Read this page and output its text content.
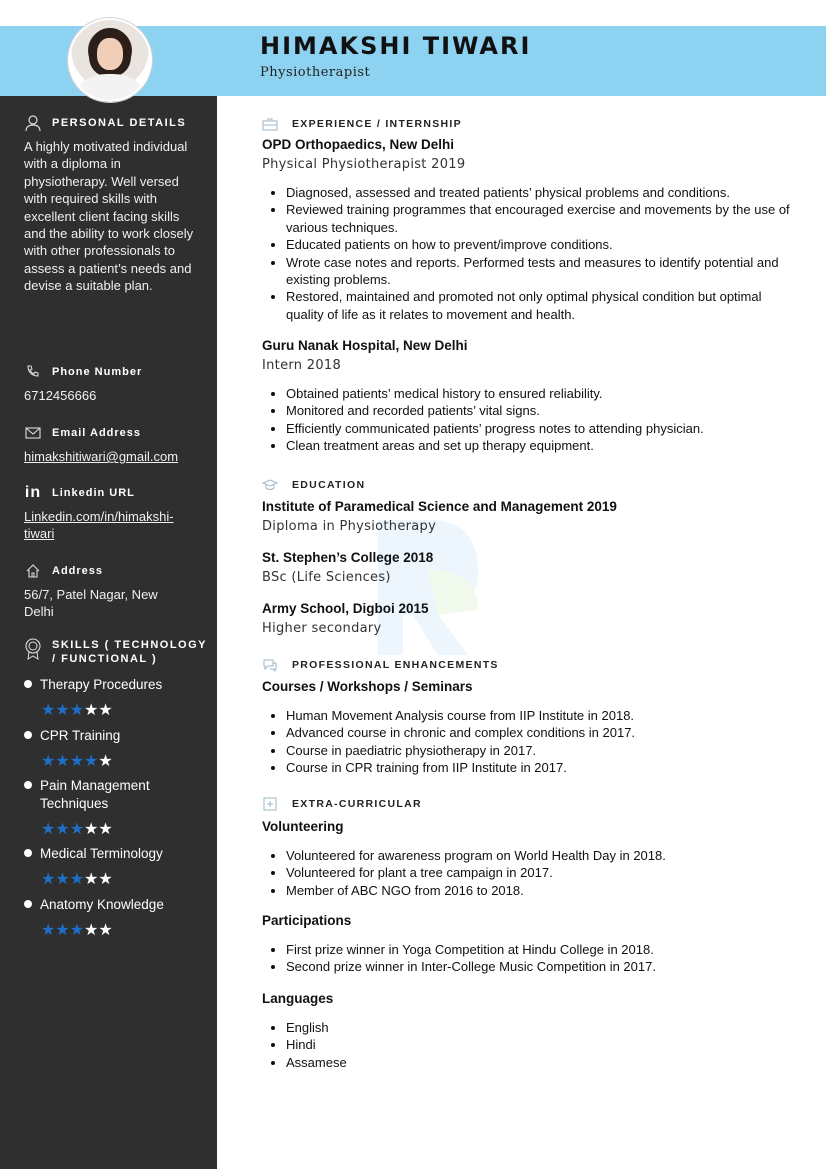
HIMAKSHI TIWARI
Physiotherapist
PERSONAL DETAILS
A highly motivated individual with a diploma in physiotherapy. Well versed with required skills with excellent client facing skills and the ability to work closely with other professionals to assess a patient’s needs and devise a suitable plan.
Phone Number
6712456666
Email Address
himakshitiwari@gmail.com
in Linkedin URL
Linkedin.com/in/himakshi-tiwari
Address
56/7, Patel Nagar, New Delhi
SKILLS ( TECHNOLOGY
/ FUNCTIONAL )
Therapy Procedures
★★★★★
CPR Training
★★★★★
Pain Management Techniques
★★★★★
Medical Terminology
★★★★★
Anatomy Knowledge
★★★★★
EXPERIENCE / INTERNSHIP
OPD Orthopaedics, New Delhi
Physical Physiotherapist 2019
• Diagnosed, assessed and treated patients’ physical problems and conditions.
• Reviewed training programmes that encouraged exercise and movements by the use of various techniques.
• Educated patients on how to prevent/improve conditions.
• Wrote case notes and reports. Performed tests and measures to identify potential and existing problems.
• Restored, maintained and promoted not only optimal physical condition but optimal quality of life as it relates to movement and health.
Guru Nanak Hospital, New Delhi
Intern 2018
• Obtained patients’ medical history to ensured reliability.
• Monitored and recorded patients’ vital signs.
• Efficiently communicated patients’ progress notes to attending physician.
• Clean treatment areas and set up therapy equipment.
EDUCATION
Institute of Paramedical Science and Management 2019
Diploma in Physiotherapy
St. Stephen’s College 2018
BSc (Life Sciences)
Army School, Digboi 2015
Higher secondary
PROFESSIONAL ENHANCEMENTS
Courses / Workshops / Seminars
• Human Movement Analysis course from IIP Institute in 2018.
• Advanced course in chronic and complex conditions in 2017.
• Course in paediatric physiotherapy in 2017.
• Course in CPR training from IIP Institute in 2017.
EXTRA-CURRICULAR
Volunteering
• Volunteered for awareness program on World Health Day in 2018.
• Volunteered for plant a tree campaign in 2017.
• Member of ABC NGO from 2016 to 2018.
Participations
• First prize winner in Yoga Competition at Hindu College in 2018.
• Second prize winner in Inter-College Music Competition in 2017.
Languages
• English
• Hindi
• Assamese
